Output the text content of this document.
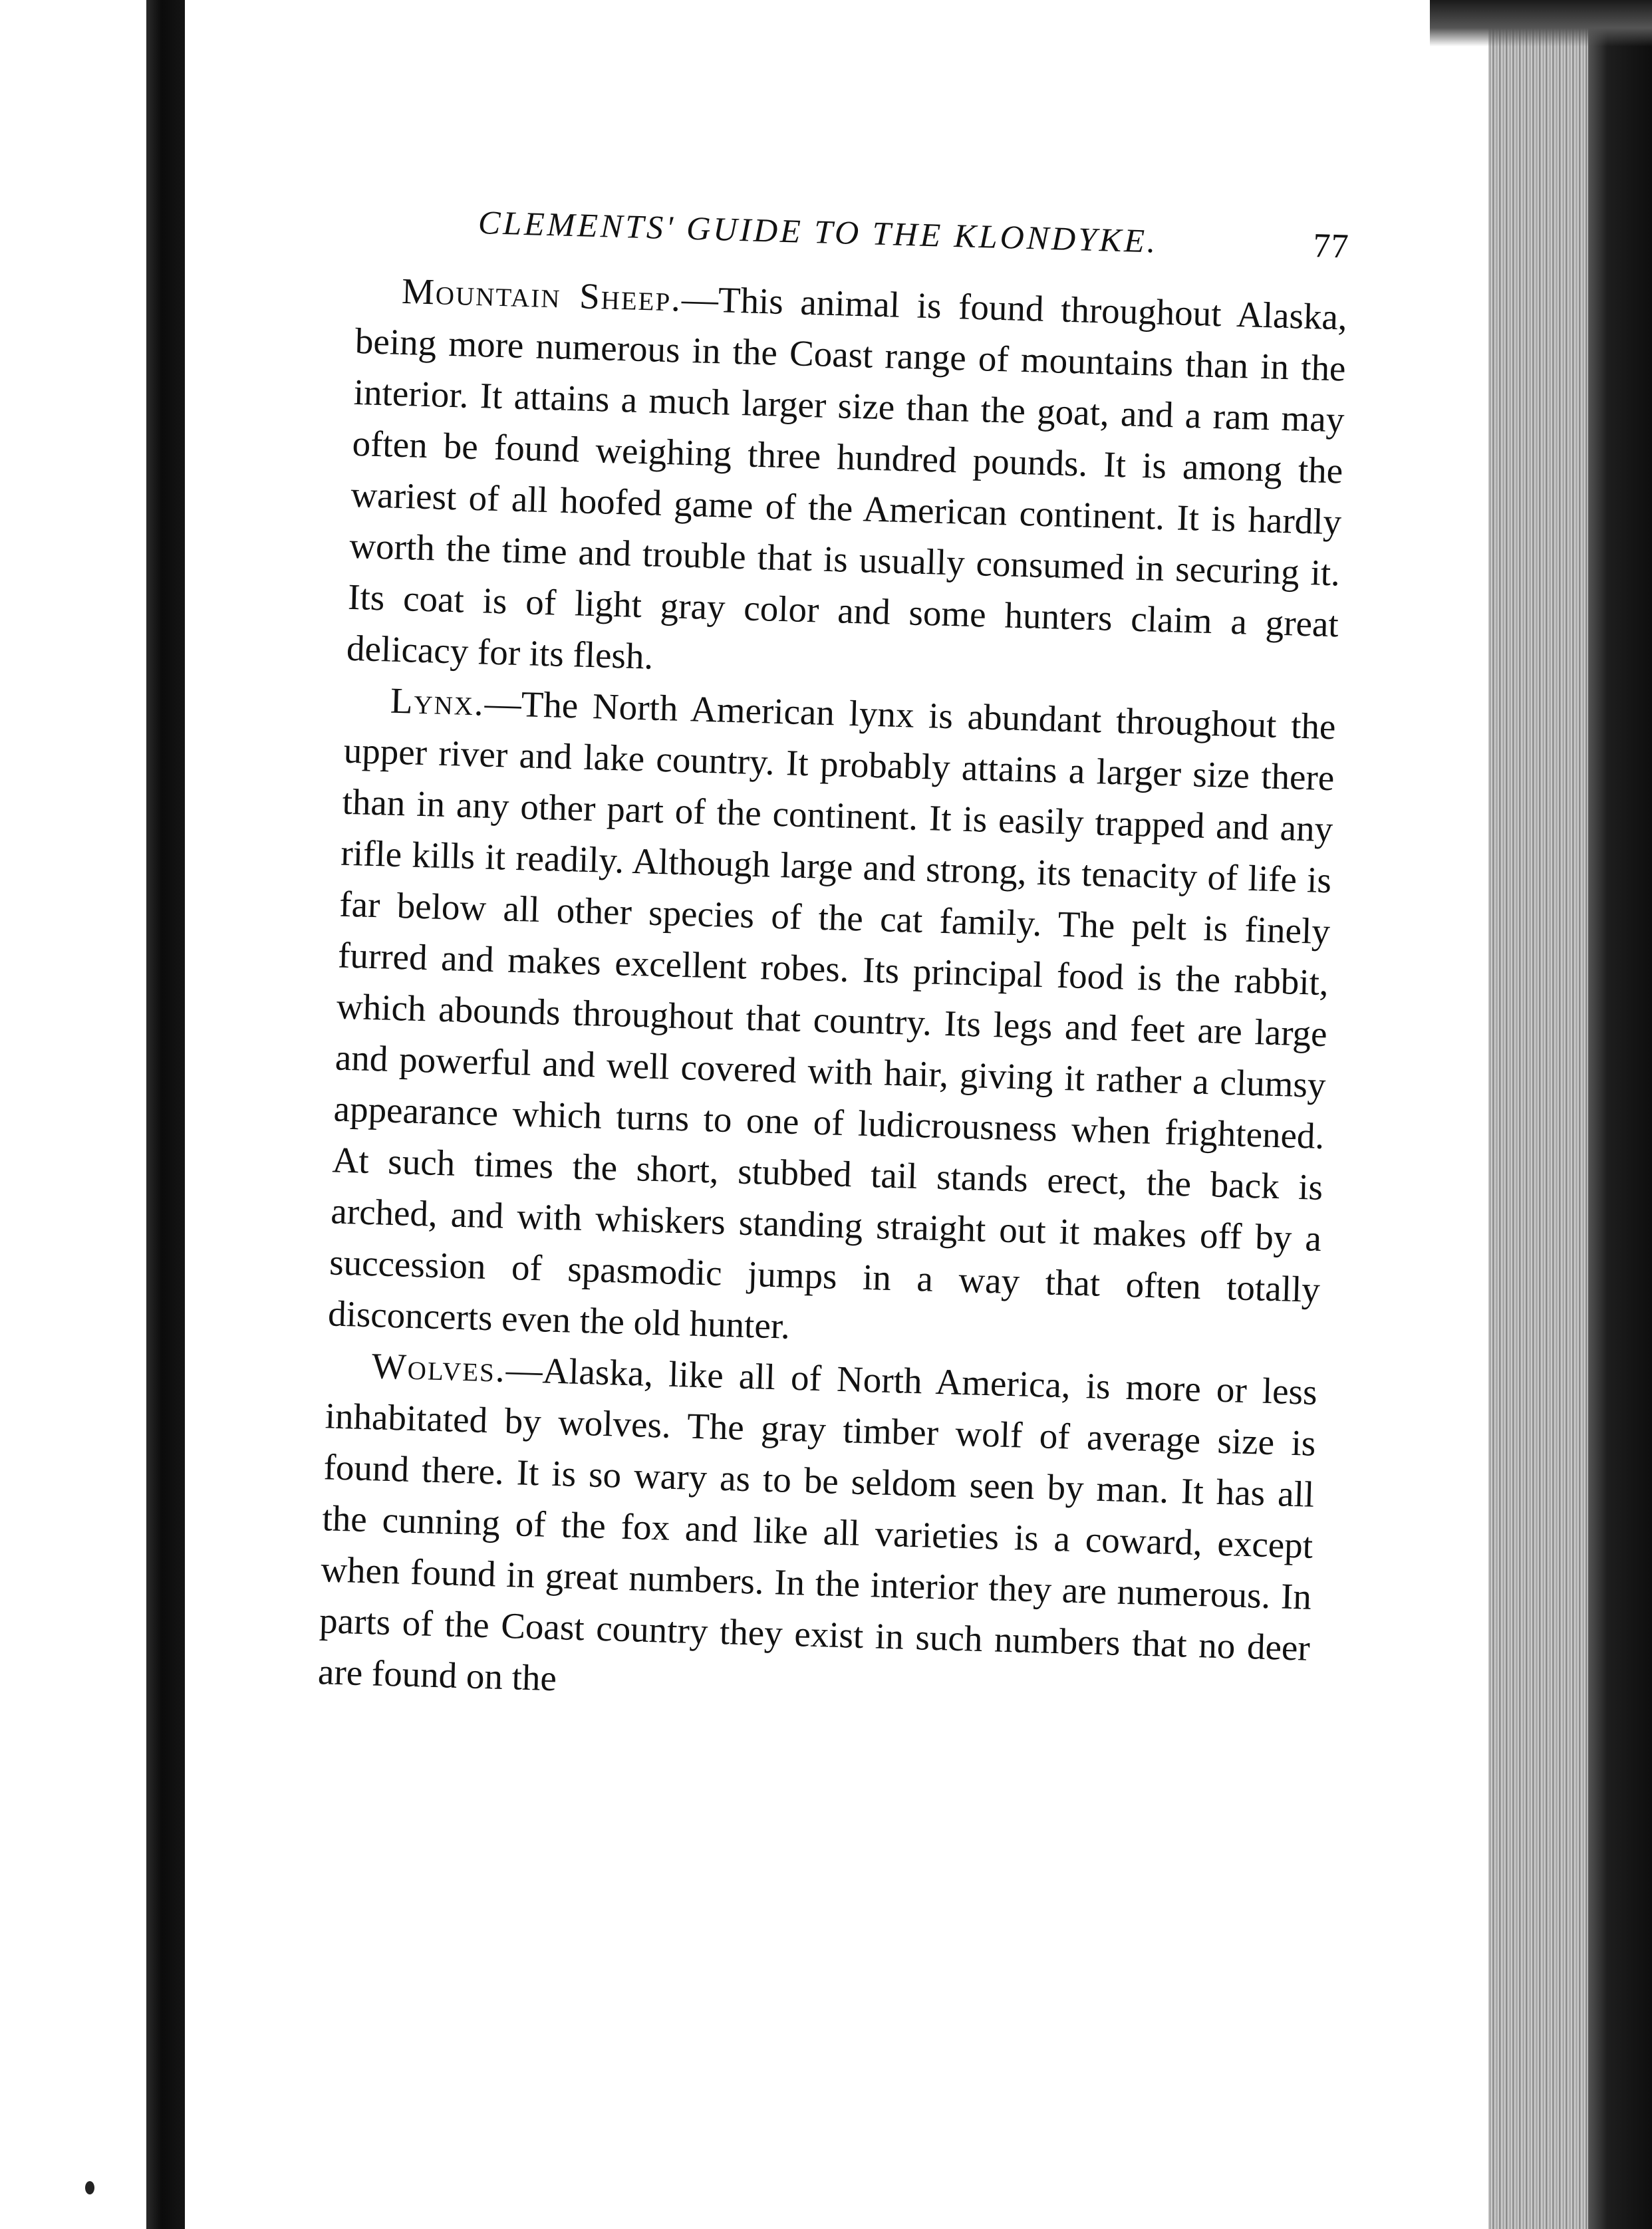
CLEMENTS' GUIDE TO THE KLONDYKE.	77

Mountain Sheep.—This animal is found throughout Alaska, being more numerous in the Coast range of mountains than in the interior. It attains a much larger size than the goat, and a ram may often be found weighing three hundred pounds. It is among the wariest of all hoofed game of the American continent. It is hardly worth the time and trouble that is usually consumed in securing it. Its coat is of light gray color and some hunters claim a great delicacy for its flesh.

Lynx.—The North American lynx is abundant throughout the upper river and lake country. It probably attains a larger size there than in any other part of the continent. It is easily trapped and any rifle kills it readily. Although large and strong, its tenacity of life is far below all other species of the cat family. The pelt is finely furred and makes excellent robes. Its principal food is the rabbit, which abounds throughout that country. Its legs and feet are large and powerful and well covered with hair, giving it rather a clumsy appearance which turns to one of ludicrousness when frightened. At such times the short, stubbed tail stands erect, the back is arched, and with whiskers standing straight out it makes off by a succession of spasmodic jumps in a way that often totally disconcerts even the old hunter.

Wolves.—Alaska, like all of North America, is more or less inhabitated by wolves. The gray timber wolf of average size is found there. It is so wary as to be seldom seen by man. It has all the cunning of the fox and like all varieties is a coward, except when found in great numbers. In the interior they are numerous. In parts of the Coast country they exist in such numbers that no deer are found on the
